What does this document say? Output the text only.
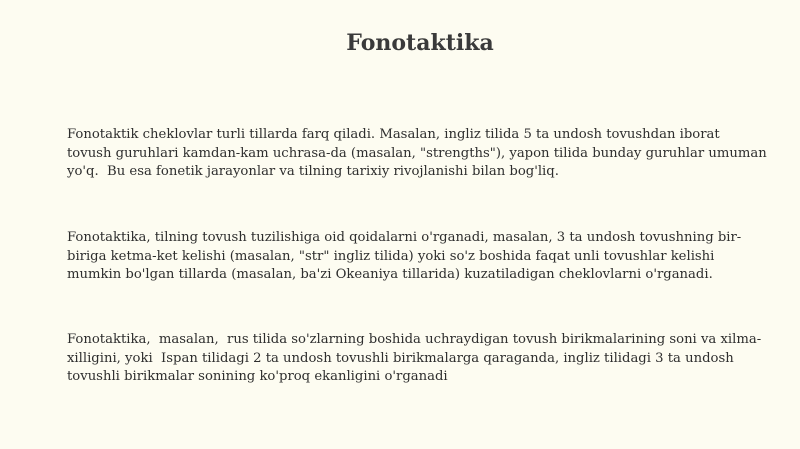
Fonotaktika

Fonotaktik cheklovlar turli tillarda farq qiladi. Masalan, ingliz tilida 5 ta undosh tovushdan iborat tovush guruhlari kamdan-kam uchrasa-da (masalan, "strengths"), yapon tilida bunday guruhlar umuman yo'q.  Bu esa fonetik jarayonlar va tilning tarixiy rivojlanishi bilan bog'liq.

Fonotaktika, tilning tovush tuzilishiga oid qoidalarni o'rganadi, masalan, 3 ta undosh tovushning bir-biriga ketma-ket kelishi (masalan, "str" ingliz tilida) yoki so'z boshida faqat unli tovushlar kelishi mumkin bo'lgan tillarda (masalan, ba'zi Okeaniya tillarida) kuzatiladigan cheklovlarni o'rganadi.

Fonotaktika,  masalan,  rus tilida so'zlarning boshida uchraydigan tovush birikmalarining soni va xilma-xilligini, yoki  Ispan tilidagi 2 ta undosh tovushli birikmalarga qaraganda, ingliz tilidagi 3 ta undosh tovushli birikmalar sonining ko'proq ekanligini o'rganadi
